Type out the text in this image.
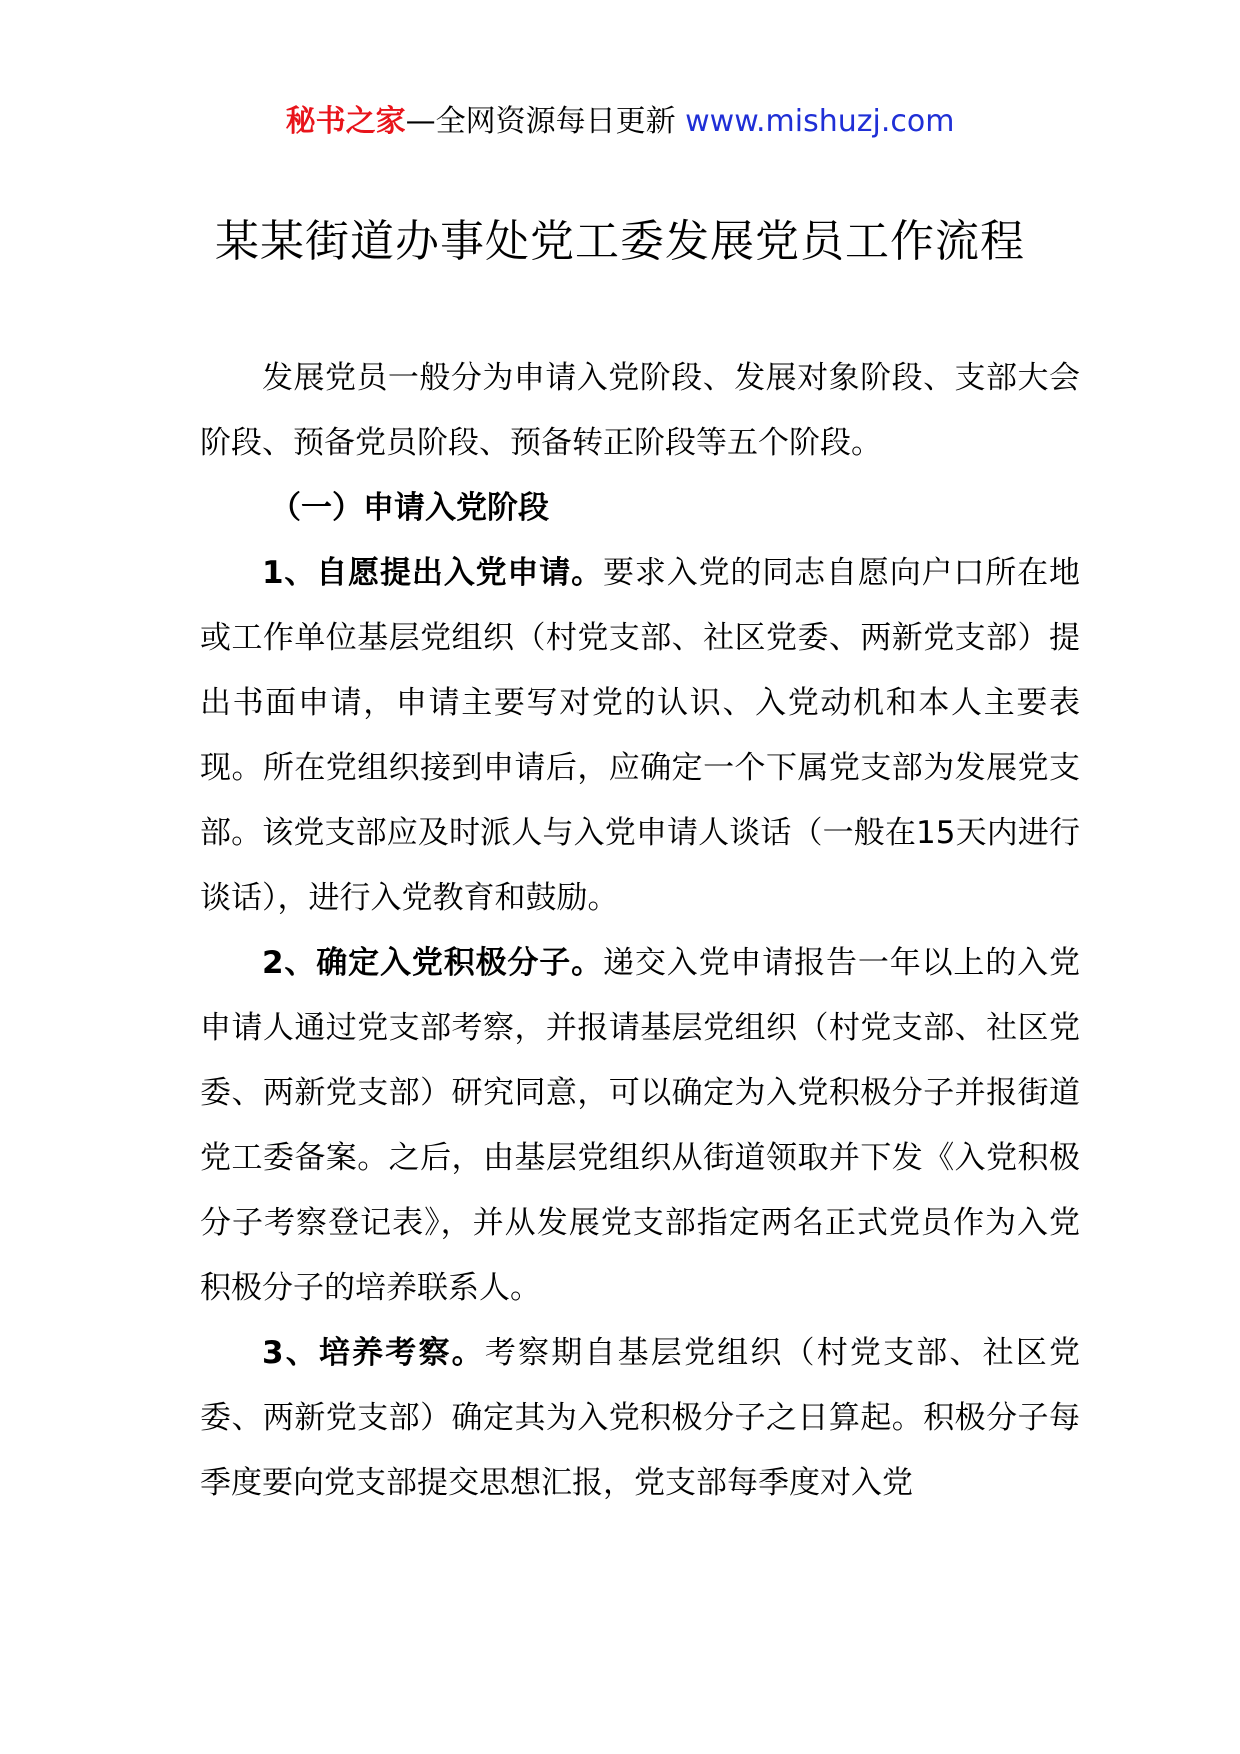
秘书之家—全网资源每日更新 www.mishuzj.com
某某街道办事处党工委发展党员工作流程

发展党员一般分为申请入党阶段、发展对象阶段、支部大会阶段、预备党员阶段、预备转正阶段等五个阶段。

（一）申请入党阶段

1、自愿提出入党申请。要求入党的同志自愿向户口所在地或工作单位基层党组织（村党支部、社区党委、两新党支部）提出书面申请，申请主要写对党的认识、入党动机和本人主要表现。所在党组织接到申请后，应确定一个下属党支部为发展党支部。该党支部应及时派人与入党申请人谈话（一般在15天内进行谈话），进行入党教育和鼓励。

2、确定入党积极分子。递交入党申请报告一年以上的入党申请人通过党支部考察，并报请基层党组织（村党支部、社区党委、两新党支部）研究同意，可以确定为入党积极分子并报街道党工委备案。之后，由基层党组织从街道领取并下发《入党积极分子考察登记表》，并从发展党支部指定两名正式党员作为入党积极分子的培养联系人。

3、培养考察。考察期自基层党组织（村党支部、社区党委、两新党支部）确定其为入党积极分子之日算起。积极分子每季度要向党支部提交思想汇报，党支部每季度对入党
